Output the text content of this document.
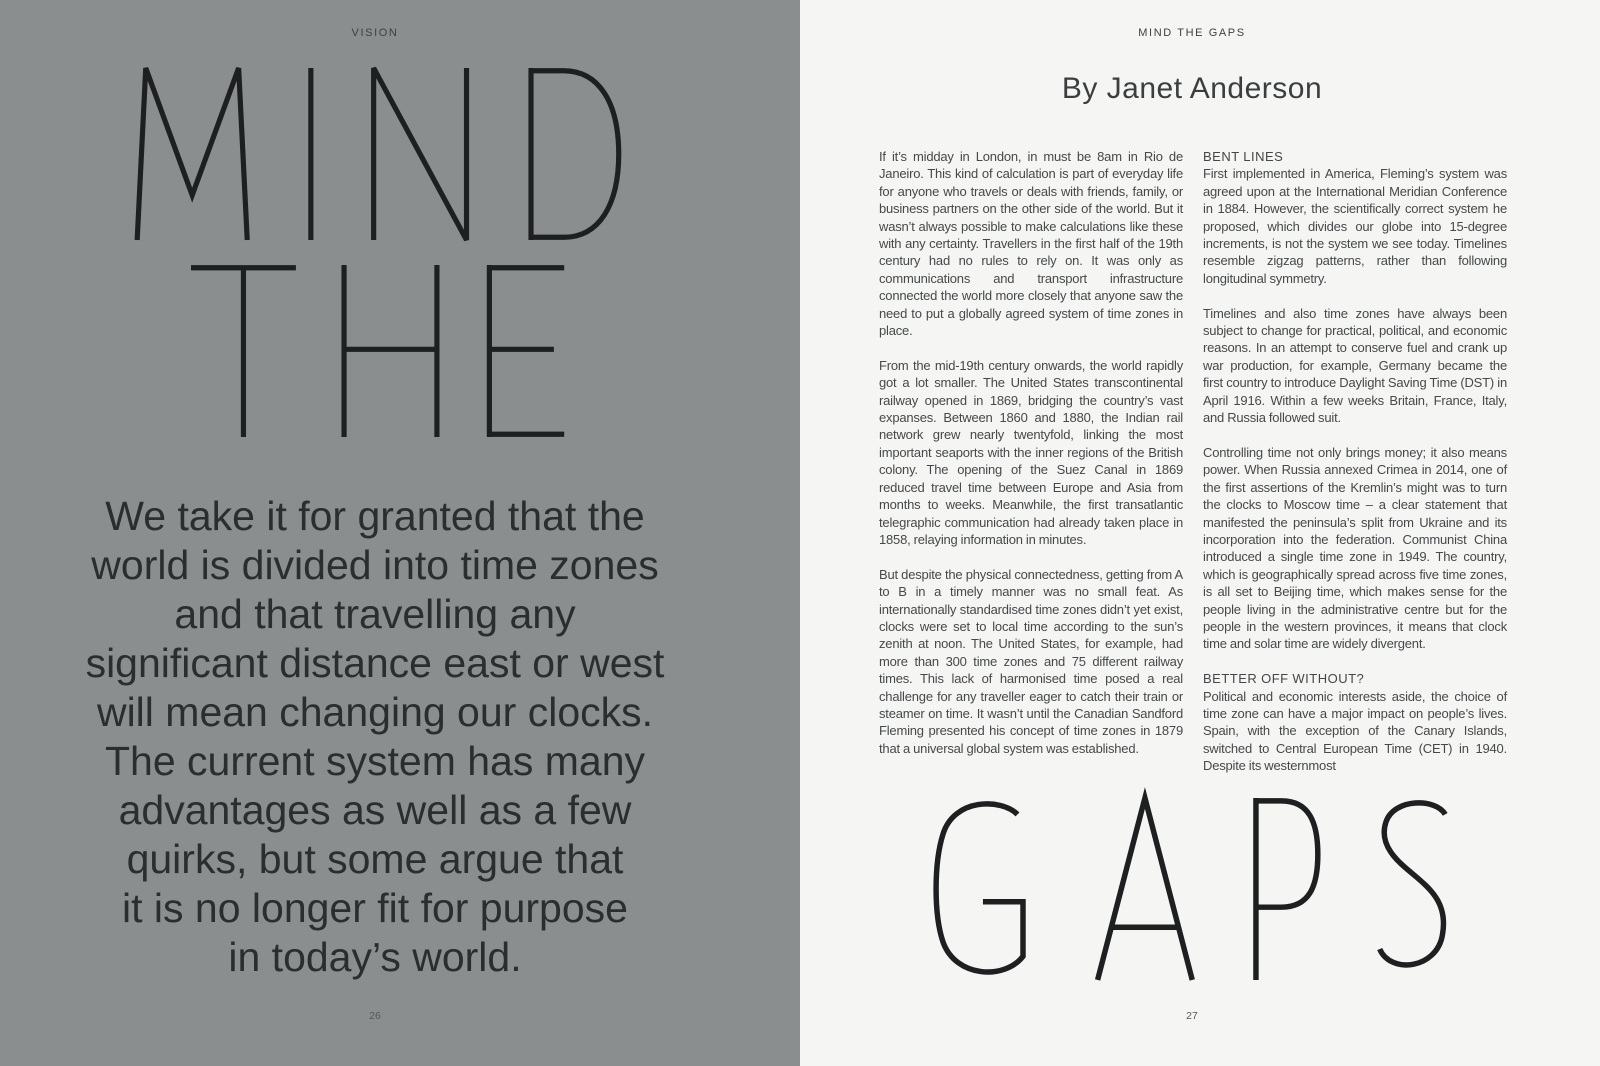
VISION
We take it for granted that the
world is divided into time zones
and that travelling any
significant distance east or west
will mean changing our clocks.
The current system has many
advantages as well as a few
quirks, but some argue that
it is no longer fit for purpose
in today’s world.
26
MIND THE GAPS
By Janet Anderson

If it’s midday in London, in must be 8am in Rio de Janeiro. This kind of calculation is part of everyday life for anyone who travels or deals with friends, family, or business partners on the other side of the world. But it wasn’t always possible to make calculations like these with any certainty. Travellers in the first half of the 19th century had no rules to rely on. It was only as communications and transport infrastructure connected the world more closely that anyone saw the need to put a globally agreed system of time zones in place.

From the mid-19th century onwards, the world rapidly got a lot smaller. The United States transcontinental railway opened in 1869, bridging the country’s vast expanses. Between 1860 and 1880, the Indian rail network grew nearly twentyfold, linking the most important seaports with the inner regions of the British colony. The opening of the Suez Canal in 1869 reduced travel time between Europe and Asia from months to weeks. Meanwhile, the first transatlantic telegraphic communication had already taken place in 1858, relaying information in minutes.

But despite the physical connectedness, getting from A to B in a timely manner was no small feat. As internationally standardised time zones didn’t yet exist, clocks were set to local time according to the sun’s zenith at noon. The United States, for example, had more than 300 time zones and 75 different railway times. This lack of harmonised time posed a real challenge for any traveller eager to catch their train or steamer on time. It wasn’t until the Canadian Sandford Fleming presented his concept of time zones in 1879 that a universal global system was established.

BENT LINES
First implemented in America, Fleming’s system was agreed upon at the International Meridian Conference in 1884. However, the scientifically correct system he proposed, which divides our globe into 15-degree increments, is not the system we see today. Timelines resemble zigzag patterns, rather than following longitudinal symmetry.

Timelines and also time zones have always been subject to change for practical, political, and economic reasons. In an attempt to conserve fuel and crank up war production, for example, Germany became the first country to introduce Daylight Saving Time (DST) in April 1916. Within a few weeks Britain, France, Italy, and Russia followed suit.

Controlling time not only brings money; it also means power. When Russia annexed Crimea in 2014, one of the first assertions of the Kremlin’s might was to turn the clocks to Moscow time – a clear statement that manifested the peninsula’s split from Ukraine and its incorporation into the federation. Communist China introduced a single time zone in 1949. The country, which is geographically spread across five time zones, is all set to Beijing time, which makes sense for the people living in the administrative centre but for the people in the western provinces, it means that clock time and solar time are widely divergent.

BETTER OFF WITHOUT?
Political and economic interests aside, the choice of time zone can have a major impact on people’s lives. Spain, with the exception of the Canary Islands, switched to Central European Time (CET) in 1940. Despite its westernmost

27
